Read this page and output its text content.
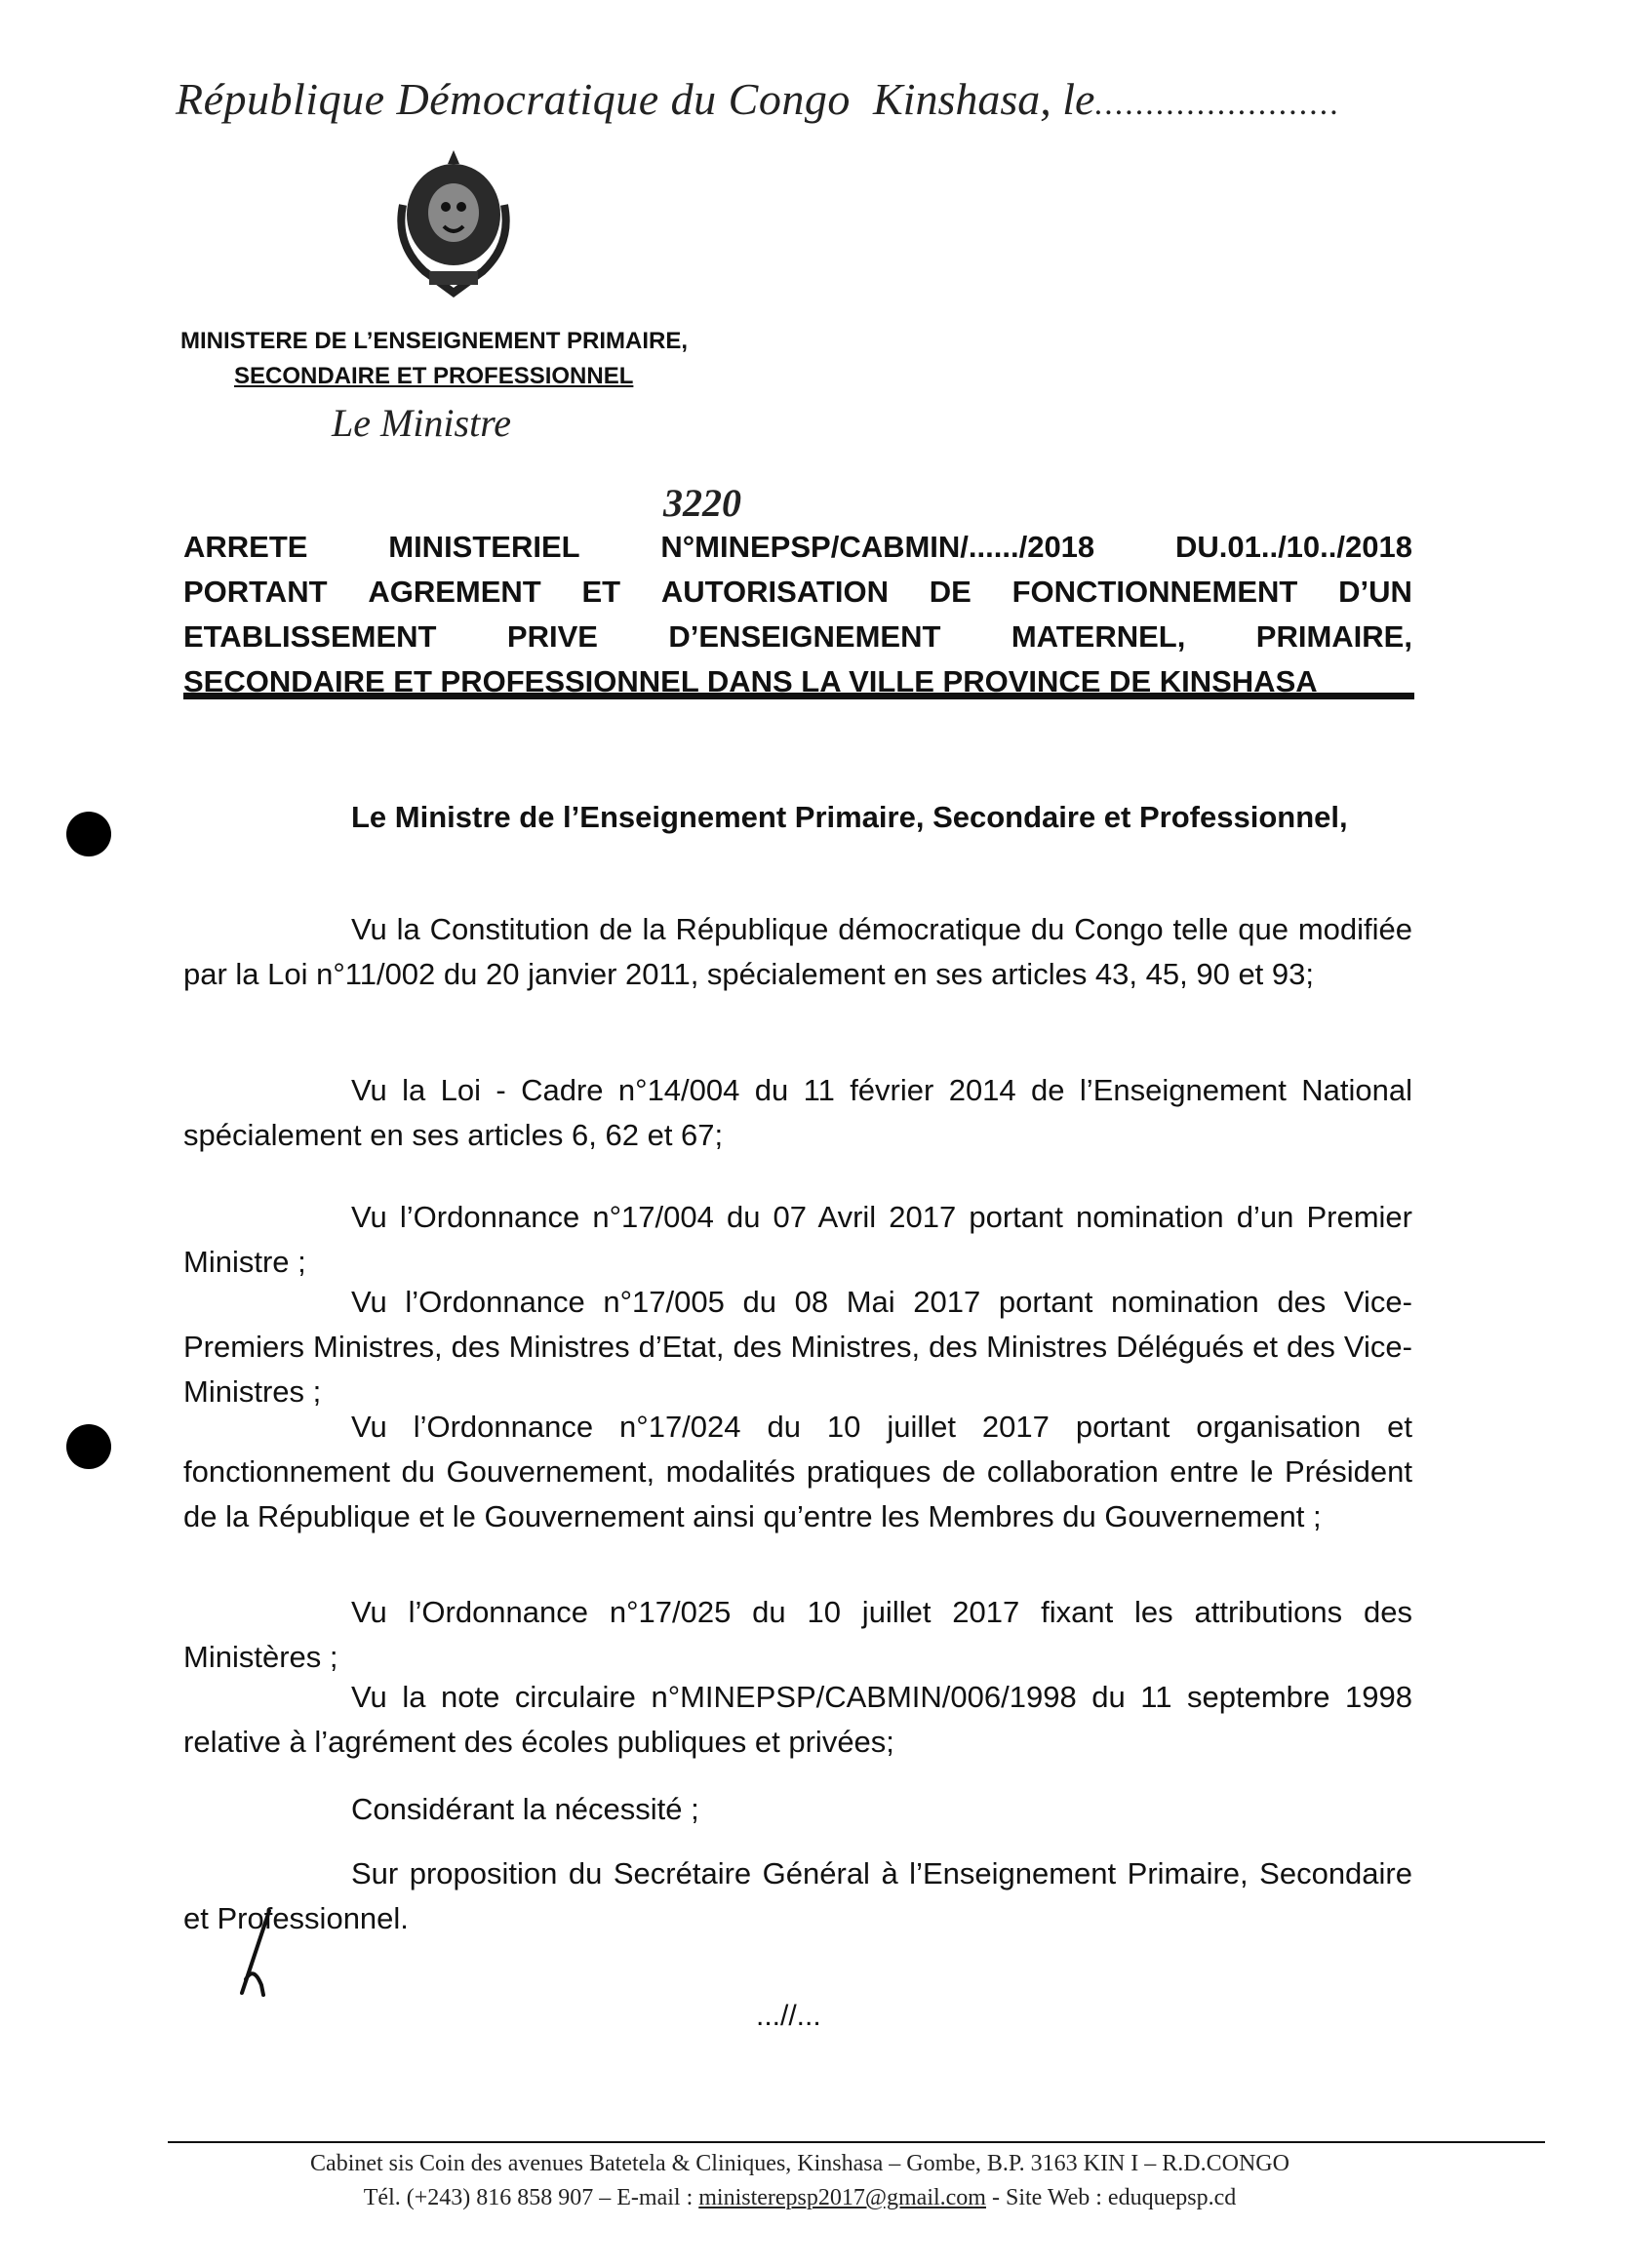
République Démocratique du Congo Kinshasa, le........................
MINISTERE DE L’ENSEIGNEMENT PRIMAIRE,
SECONDAIRE ET PROFESSIONNEL
Le Ministre
3220
ARRETE	MINISTERIEL	N°MINEPSP/CABMIN/....../2018	DU.01../10../2018
PORTANT AGREMENT ET AUTORISATION DE FONCTIONNEMENT D’UN
ETABLISSEMENT PRIVE D’ENSEIGNEMENT MATERNEL, PRIMAIRE,
SECONDAIRE ET PROFESSIONNEL DANS LA VILLE PROVINCE DE KINSHASA
Le Ministre de l’Enseignement Primaire, Secondaire et Professionnel,
Vu la Constitution de la République démocratique du Congo telle que modifiée par la Loi n°11/002 du 20 janvier 2011, spécialement en ses articles 43, 45, 90 et 93;
Vu la Loi - Cadre n°14/004 du 11 février 2014 de l’Enseignement National spécialement en ses articles 6, 62 et 67;
Vu l’Ordonnance n°17/004 du 07 Avril 2017 portant nomination d’un Premier Ministre ;
Vu l’Ordonnance n°17/005 du 08 Mai 2017 portant nomination des Vice-Premiers Ministres, des Ministres d’Etat, des Ministres, des Ministres Délégués et des Vice-Ministres ;
Vu l’Ordonnance n°17/024 du 10 juillet 2017 portant organisation et fonctionnement du Gouvernement, modalités pratiques de collaboration entre le Président de la République et le Gouvernement ainsi qu’entre les Membres du Gouvernement ;
Vu l’Ordonnance n°17/025 du 10 juillet 2017 fixant les attributions des Ministères ;
Vu la note circulaire n°MINEPSP/CABMIN/006/1998 du 11 septembre 1998 relative à l’agrément des écoles publiques et privées;
Considérant la nécessité ;
Sur proposition du Secrétaire Général à l’Enseignement Primaire, Secondaire et Professionnel.
...//...
Cabinet sis Coin des avenues Batetela & Cliniques, Kinshasa – Gombe, B.P. 3163 KIN I – R.D.CONGO
Tél. (+243) 816 858 907 – E-mail : ministerepsp2017@gmail.com - Site Web : eduquepsp.cd
